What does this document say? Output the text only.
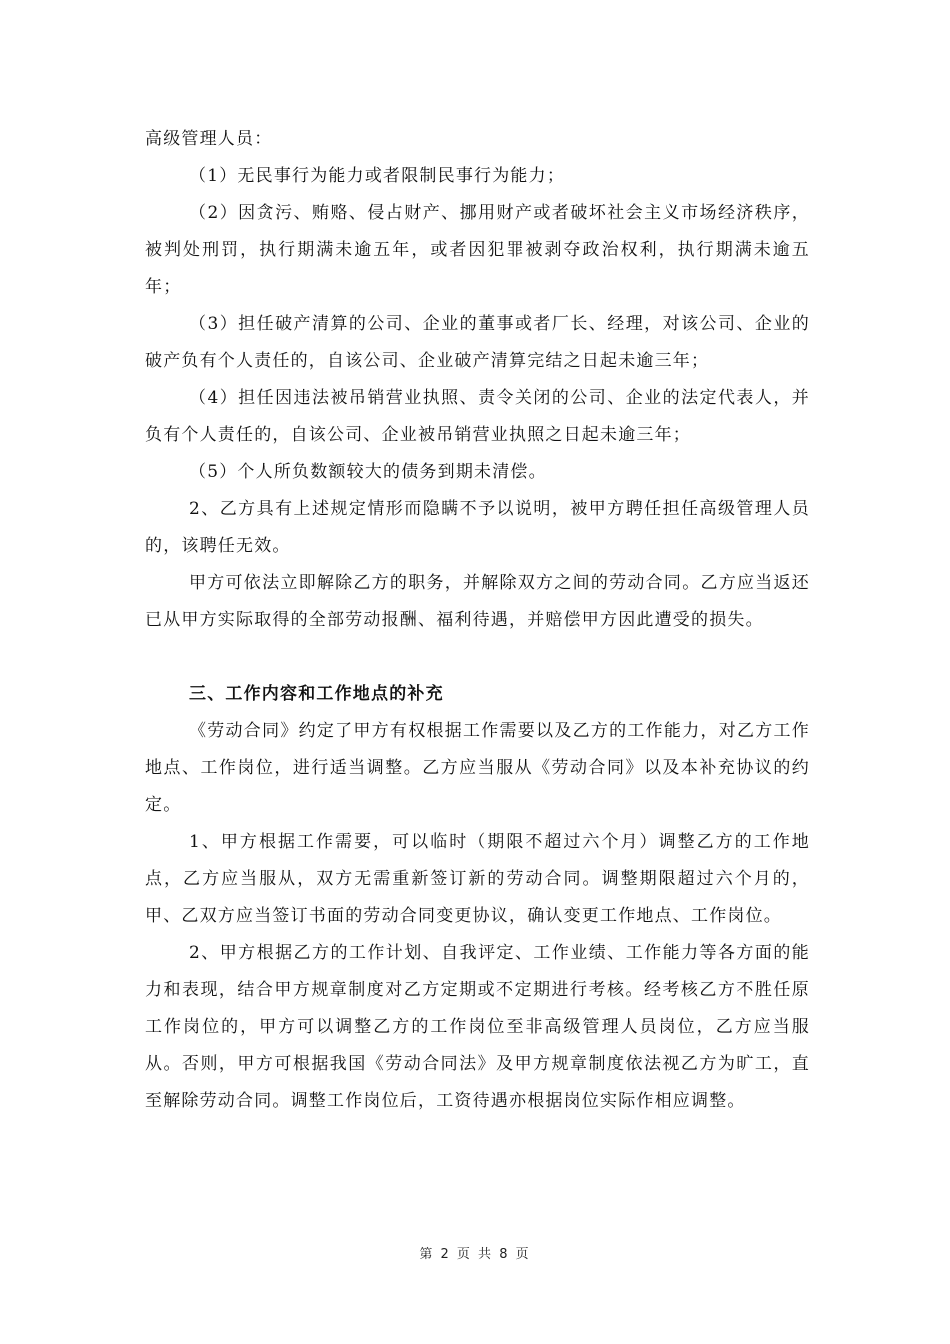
高级管理人员：

（1）无民事行为能力或者限制民事行为能力；

（2）因贪污、贿赂、侵占财产、挪用财产或者破坏社会主义市场经济秩序，被判处刑罚，执行期满未逾五年，或者因犯罪被剥夺政治权利，执行期满未逾五年；

（3）担任破产清算的公司、企业的董事或者厂长、经理，对该公司、企业的破产负有个人责任的，自该公司、企业破产清算完结之日起未逾三年；

（4）担任因违法被吊销营业执照、责令关闭的公司、企业的法定代表人，并负有个人责任的，自该公司、企业被吊销营业执照之日起未逾三年；

（5）个人所负数额较大的债务到期未清偿。

2、乙方具有上述规定情形而隐瞒不予以说明，被甲方聘任担任高级管理人员的，该聘任无效。

甲方可依法立即解除乙方的职务，并解除双方之间的劳动合同。乙方应当返还已从甲方实际取得的全部劳动报酬、福利待遇，并赔偿甲方因此遭受的损失。

三、工作内容和工作地点的补充

《劳动合同》约定了甲方有权根据工作需要以及乙方的工作能力，对乙方工作地点、工作岗位，进行适当调整。乙方应当服从《劳动合同》以及本补充协议的约定。

1、甲方根据工作需要，可以临时（期限不超过六个月）调整乙方的工作地点，乙方应当服从，双方无需重新签订新的劳动合同。调整期限超过六个月的，甲、乙双方应当签订书面的劳动合同变更协议，确认变更工作地点、工作岗位。

2、甲方根据乙方的工作计划、自我评定、工作业绩、工作能力等各方面的能力和表现，结合甲方规章制度对乙方定期或不定期进行考核。经考核乙方不胜任原工作岗位的，甲方可以调整乙方的工作岗位至非高级管理人员岗位，乙方应当服从。否则，甲方可根据我国《劳动合同法》及甲方规章制度依法视乙方为旷工，直至解除劳动合同。调整工作岗位后，工资待遇亦根据岗位实际作相应调整。

第 2 页 共 8 页
